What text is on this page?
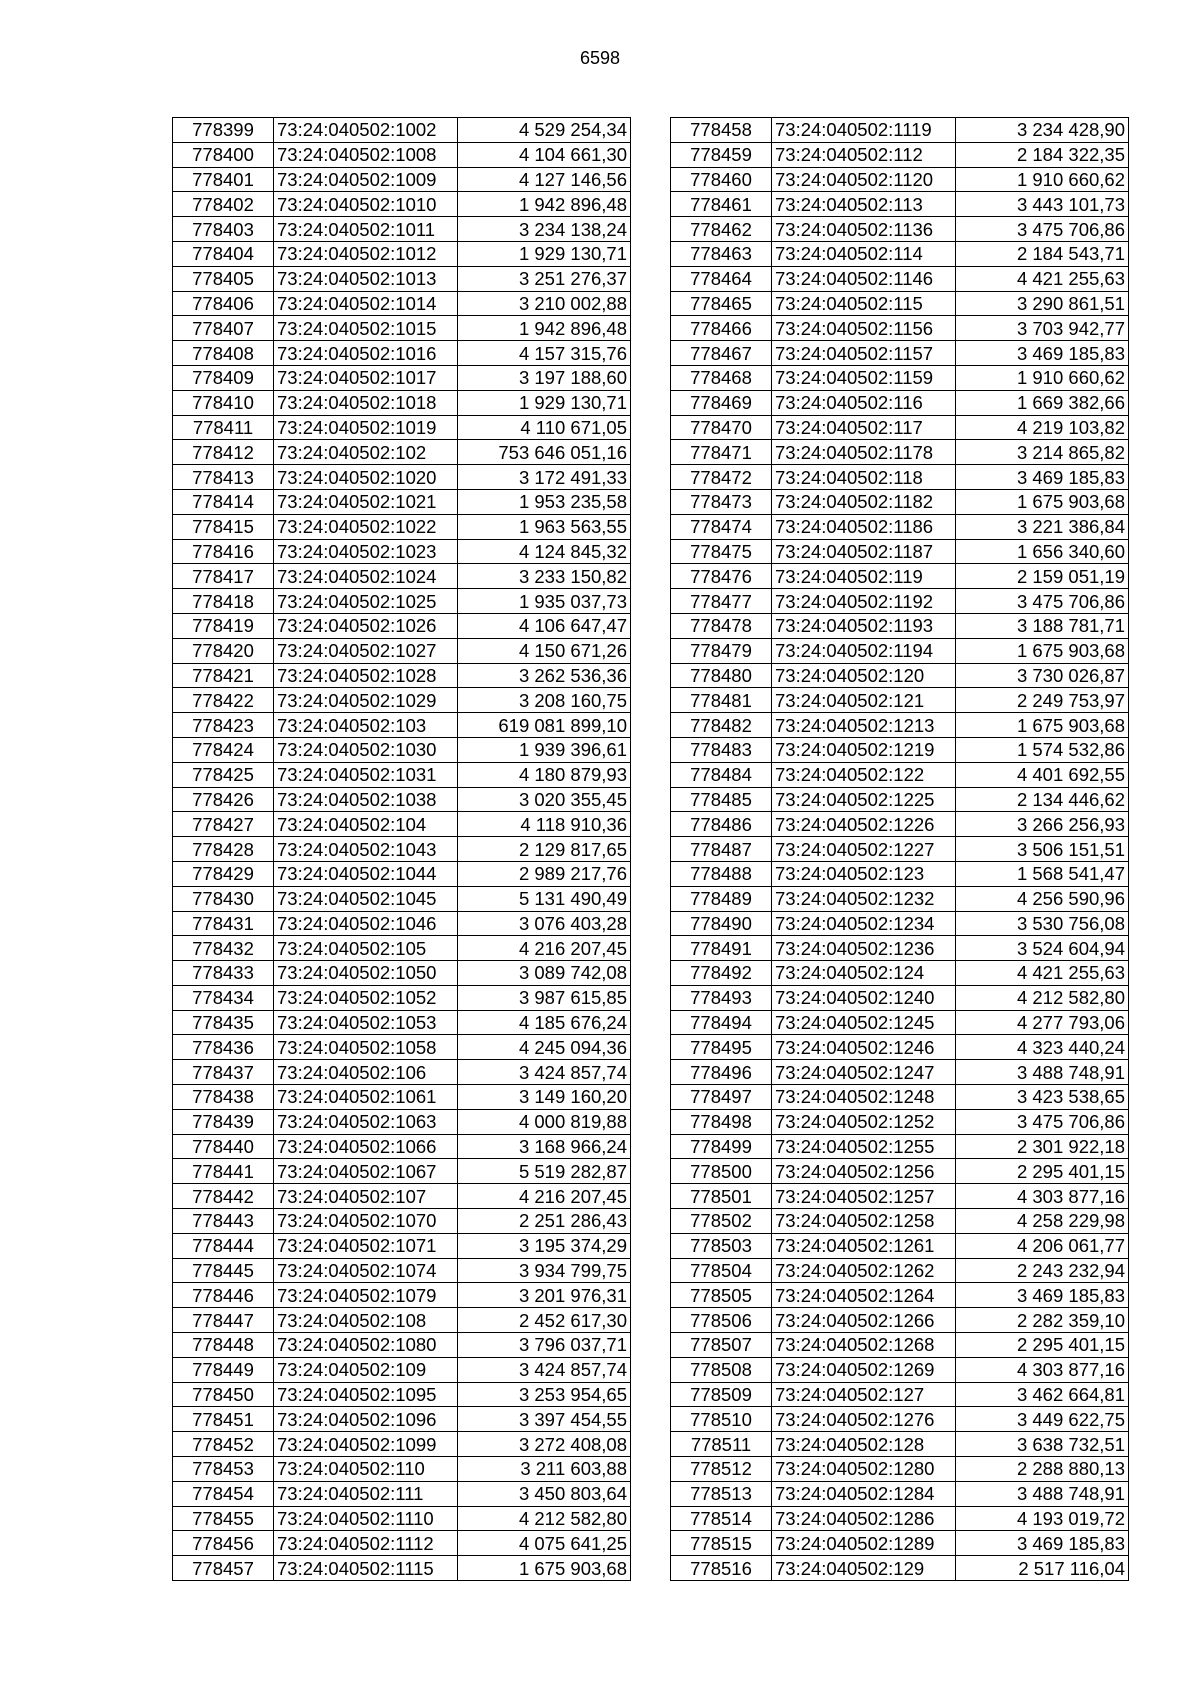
6598
778399	73:24:040502:1002	4 529 254,34
778400	73:24:040502:1008	4 104 661,30
778401	73:24:040502:1009	4 127 146,56
778402	73:24:040502:1010	1 942 896,48
778403	73:24:040502:1011	3 234 138,24
778404	73:24:040502:1012	1 929 130,71
778405	73:24:040502:1013	3 251 276,37
778406	73:24:040502:1014	3 210 002,88
778407	73:24:040502:1015	1 942 896,48
778408	73:24:040502:1016	4 157 315,76
778409	73:24:040502:1017	3 197 188,60
778410	73:24:040502:1018	1 929 130,71
778411	73:24:040502:1019	4 110 671,05
778412	73:24:040502:102	753 646 051,16
778413	73:24:040502:1020	3 172 491,33
778414	73:24:040502:1021	1 953 235,58
778415	73:24:040502:1022	1 963 563,55
778416	73:24:040502:1023	4 124 845,32
778417	73:24:040502:1024	3 233 150,82
778418	73:24:040502:1025	1 935 037,73
778419	73:24:040502:1026	4 106 647,47
778420	73:24:040502:1027	4 150 671,26
778421	73:24:040502:1028	3 262 536,36
778422	73:24:040502:1029	3 208 160,75
778423	73:24:040502:103	619 081 899,10
778424	73:24:040502:1030	1 939 396,61
778425	73:24:040502:1031	4 180 879,93
778426	73:24:040502:1038	3 020 355,45
778427	73:24:040502:104	4 118 910,36
778428	73:24:040502:1043	2 129 817,65
778429	73:24:040502:1044	2 989 217,76
778430	73:24:040502:1045	5 131 490,49
778431	73:24:040502:1046	3 076 403,28
778432	73:24:040502:105	4 216 207,45
778433	73:24:040502:1050	3 089 742,08
778434	73:24:040502:1052	3 987 615,85
778435	73:24:040502:1053	4 185 676,24
778436	73:24:040502:1058	4 245 094,36
778437	73:24:040502:106	3 424 857,74
778438	73:24:040502:1061	3 149 160,20
778439	73:24:040502:1063	4 000 819,88
778440	73:24:040502:1066	3 168 966,24
778441	73:24:040502:1067	5 519 282,87
778442	73:24:040502:107	4 216 207,45
778443	73:24:040502:1070	2 251 286,43
778444	73:24:040502:1071	3 195 374,29
778445	73:24:040502:1074	3 934 799,75
778446	73:24:040502:1079	3 201 976,31
778447	73:24:040502:108	2 452 617,30
778448	73:24:040502:1080	3 796 037,71
778449	73:24:040502:109	3 424 857,74
778450	73:24:040502:1095	3 253 954,65
778451	73:24:040502:1096	3 397 454,55
778452	73:24:040502:1099	3 272 408,08
778453	73:24:040502:110	3 211 603,88
778454	73:24:040502:111	3 450 803,64
778455	73:24:040502:1110	4 212 582,80
778456	73:24:040502:1112	4 075 641,25
778457	73:24:040502:1115	1 675 903,68
778458	73:24:040502:1119	3 234 428,90
778459	73:24:040502:112	2 184 322,35
778460	73:24:040502:1120	1 910 660,62
778461	73:24:040502:113	3 443 101,73
778462	73:24:040502:1136	3 475 706,86
778463	73:24:040502:114	2 184 543,71
778464	73:24:040502:1146	4 421 255,63
778465	73:24:040502:115	3 290 861,51
778466	73:24:040502:1156	3 703 942,77
778467	73:24:040502:1157	3 469 185,83
778468	73:24:040502:1159	1 910 660,62
778469	73:24:040502:116	1 669 382,66
778470	73:24:040502:117	4 219 103,82
778471	73:24:040502:1178	3 214 865,82
778472	73:24:040502:118	3 469 185,83
778473	73:24:040502:1182	1 675 903,68
778474	73:24:040502:1186	3 221 386,84
778475	73:24:040502:1187	1 656 340,60
778476	73:24:040502:119	2 159 051,19
778477	73:24:040502:1192	3 475 706,86
778478	73:24:040502:1193	3 188 781,71
778479	73:24:040502:1194	1 675 903,68
778480	73:24:040502:120	3 730 026,87
778481	73:24:040502:121	2 249 753,97
778482	73:24:040502:1213	1 675 903,68
778483	73:24:040502:1219	1 574 532,86
778484	73:24:040502:122	4 401 692,55
778485	73:24:040502:1225	2 134 446,62
778486	73:24:040502:1226	3 266 256,93
778487	73:24:040502:1227	3 506 151,51
778488	73:24:040502:123	1 568 541,47
778489	73:24:040502:1232	4 256 590,96
778490	73:24:040502:1234	3 530 756,08
778491	73:24:040502:1236	3 524 604,94
778492	73:24:040502:124	4 421 255,63
778493	73:24:040502:1240	4 212 582,80
778494	73:24:040502:1245	4 277 793,06
778495	73:24:040502:1246	4 323 440,24
778496	73:24:040502:1247	3 488 748,91
778497	73:24:040502:1248	3 423 538,65
778498	73:24:040502:1252	3 475 706,86
778499	73:24:040502:1255	2 301 922,18
778500	73:24:040502:1256	2 295 401,15
778501	73:24:040502:1257	4 303 877,16
778502	73:24:040502:1258	4 258 229,98
778503	73:24:040502:1261	4 206 061,77
778504	73:24:040502:1262	2 243 232,94
778505	73:24:040502:1264	3 469 185,83
778506	73:24:040502:1266	2 282 359,10
778507	73:24:040502:1268	2 295 401,15
778508	73:24:040502:1269	4 303 877,16
778509	73:24:040502:127	3 462 664,81
778510	73:24:040502:1276	3 449 622,75
778511	73:24:040502:128	3 638 732,51
778512	73:24:040502:1280	2 288 880,13
778513	73:24:040502:1284	3 488 748,91
778514	73:24:040502:1286	4 193 019,72
778515	73:24:040502:1289	3 469 185,83
778516	73:24:040502:129	2 517 116,04
